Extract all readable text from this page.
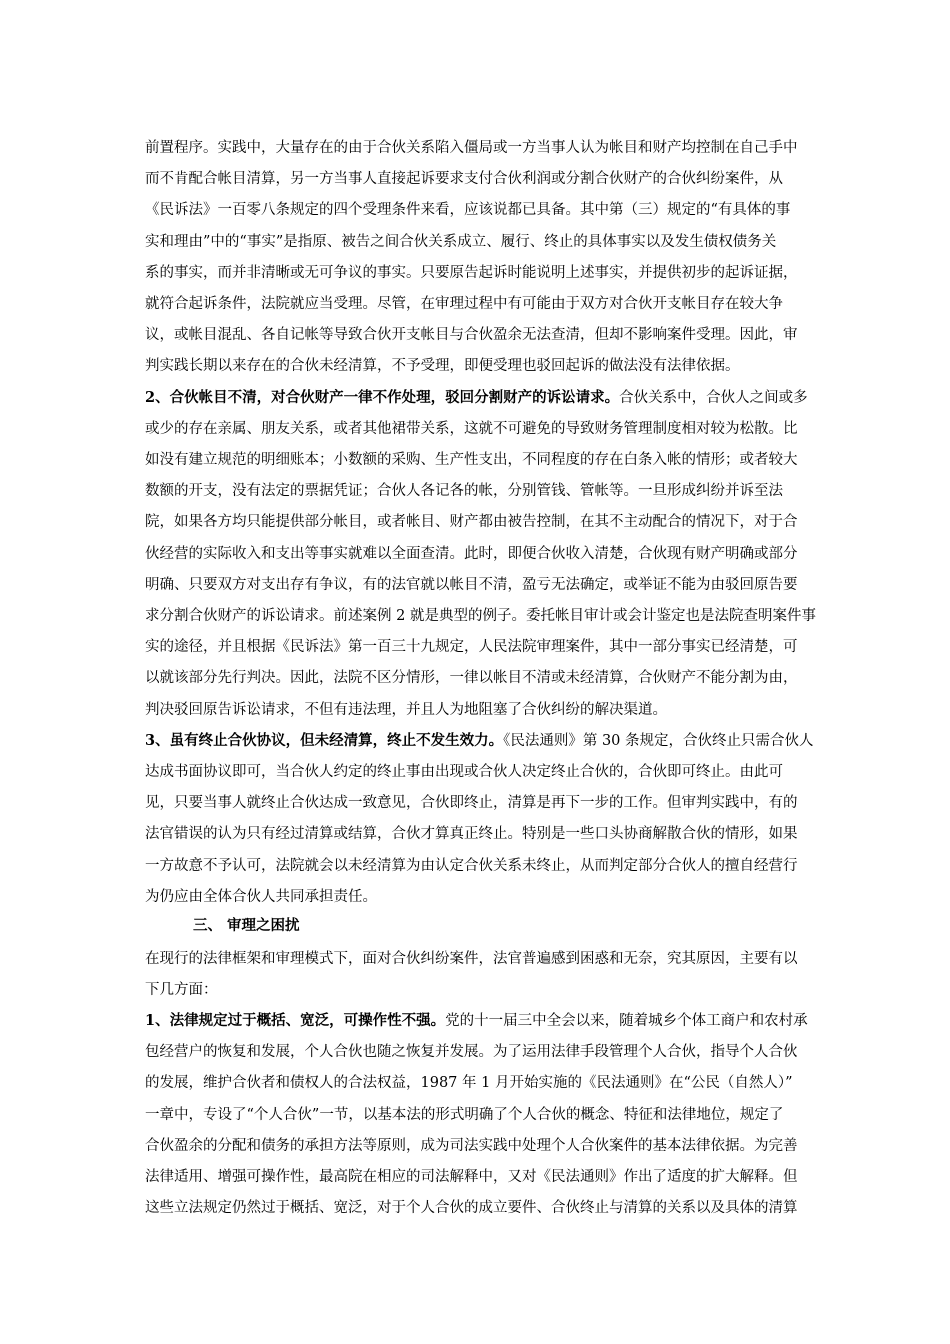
前置程序。实践中，大量存在的由于合伙关系陷入僵局或一方当事人认为帐目和财产均控制在自己手中
而不肯配合帐目清算，另一方当事人直接起诉要求支付合伙利润或分割合伙财产的合伙纠纷案件，从
《民诉法》一百零八条规定的四个受理条件来看，应该说都已具备。其中第（三）规定的“有具体的事
实和理由”中的“事实”是指原、被告之间合伙关系成立、履行、终止的具体事实以及发生债权债务关
系的事实，而并非清晰或无可争议的事实。只要原告起诉时能说明上述事实，并提供初步的起诉证据，
就符合起诉条件，法院就应当受理。尽管，在审理过程中有可能由于双方对合伙开支帐目存在较大争
议，或帐目混乱、各自记帐等导致合伙开支帐目与合伙盈余无法查清，但却不影响案件受理。因此，审
判实践长期以来存在的合伙未经清算，不予受理，即便受理也驳回起诉的做法没有法律依据。
2、合伙帐目不清，对合伙财产一律不作处理，驳回分割财产的诉讼请求。合伙关系中，合伙人之间或多
或少的存在亲属、朋友关系，或者其他裙带关系，这就不可避免的导致财务管理制度相对较为松散。比
如没有建立规范的明细账本；小数额的采购、生产性支出，不同程度的存在白条入帐的情形；或者较大
数额的开支，没有法定的票据凭证；合伙人各记各的帐，分别管钱、管帐等。一旦形成纠纷并诉至法
院，如果各方均只能提供部分帐目，或者帐目、财产都由被告控制，在其不主动配合的情况下，对于合
伙经营的实际收入和支出等事实就难以全面查清。此时，即便合伙收入清楚，合伙现有财产明确或部分
明确、只要双方对支出存有争议，有的法官就以帐目不清，盈亏无法确定，或举证不能为由驳回原告要
求分割合伙财产的诉讼请求。前述案例 2 就是典型的例子。委托帐目审计或会计鉴定也是法院查明案件事
实的途径，并且根据《民诉法》第一百三十九规定，人民法院审理案件，其中一部分事实已经清楚，可
以就该部分先行判决。因此，法院不区分情形，一律以帐目不清或未经清算，合伙财产不能分割为由，
判决驳回原告诉讼请求，不但有违法理，并且人为地阻塞了合伙纠纷的解决渠道。
3、虽有终止合伙协议，但未经清算，终止不发生效力。《民法通则》第 30 条规定，合伙终止只需合伙人
达成书面协议即可，当合伙人约定的终止事由出现或合伙人决定终止合伙的，合伙即可终止。由此可
见，只要当事人就终止合伙达成一致意见，合伙即终止，清算是再下一步的工作。但审判实践中，有的
法官错误的认为只有经过清算或结算，合伙才算真正终止。特别是一些口头协商解散合伙的情形，如果
一方故意不予认可，法院就会以未经清算为由认定合伙关系未终止，从而判定部分合伙人的擅自经营行
为仍应由全体合伙人共同承担责任。
三、 审理之困扰
在现行的法律框架和审理模式下，面对合伙纠纷案件，法官普遍感到困惑和无奈，究其原因，主要有以
下几方面：
1、法律规定过于概括、宽泛，可操作性不强。党的十一届三中全会以来，随着城乡个体工商户和农村承
包经营户的恢复和发展，个人合伙也随之恢复并发展。为了运用法律手段管理个人合伙，指导个人合伙
的发展，维护合伙者和债权人的合法权益，1987 年 1 月开始实施的《民法通则》在“公民（自然人）”
一章中，专设了“个人合伙”一节，以基本法的形式明确了个人合伙的概念、特征和法律地位，规定了
合伙盈余的分配和债务的承担方法等原则，成为司法实践中处理个人合伙案件的基本法律依据。为完善
法律适用、增强可操作性，最高院在相应的司法解释中，又对《民法通则》作出了适度的扩大解释。但
这些立法规定仍然过于概括、宽泛，对于个人合伙的成立要件、合伙终止与清算的关系以及具体的清算
